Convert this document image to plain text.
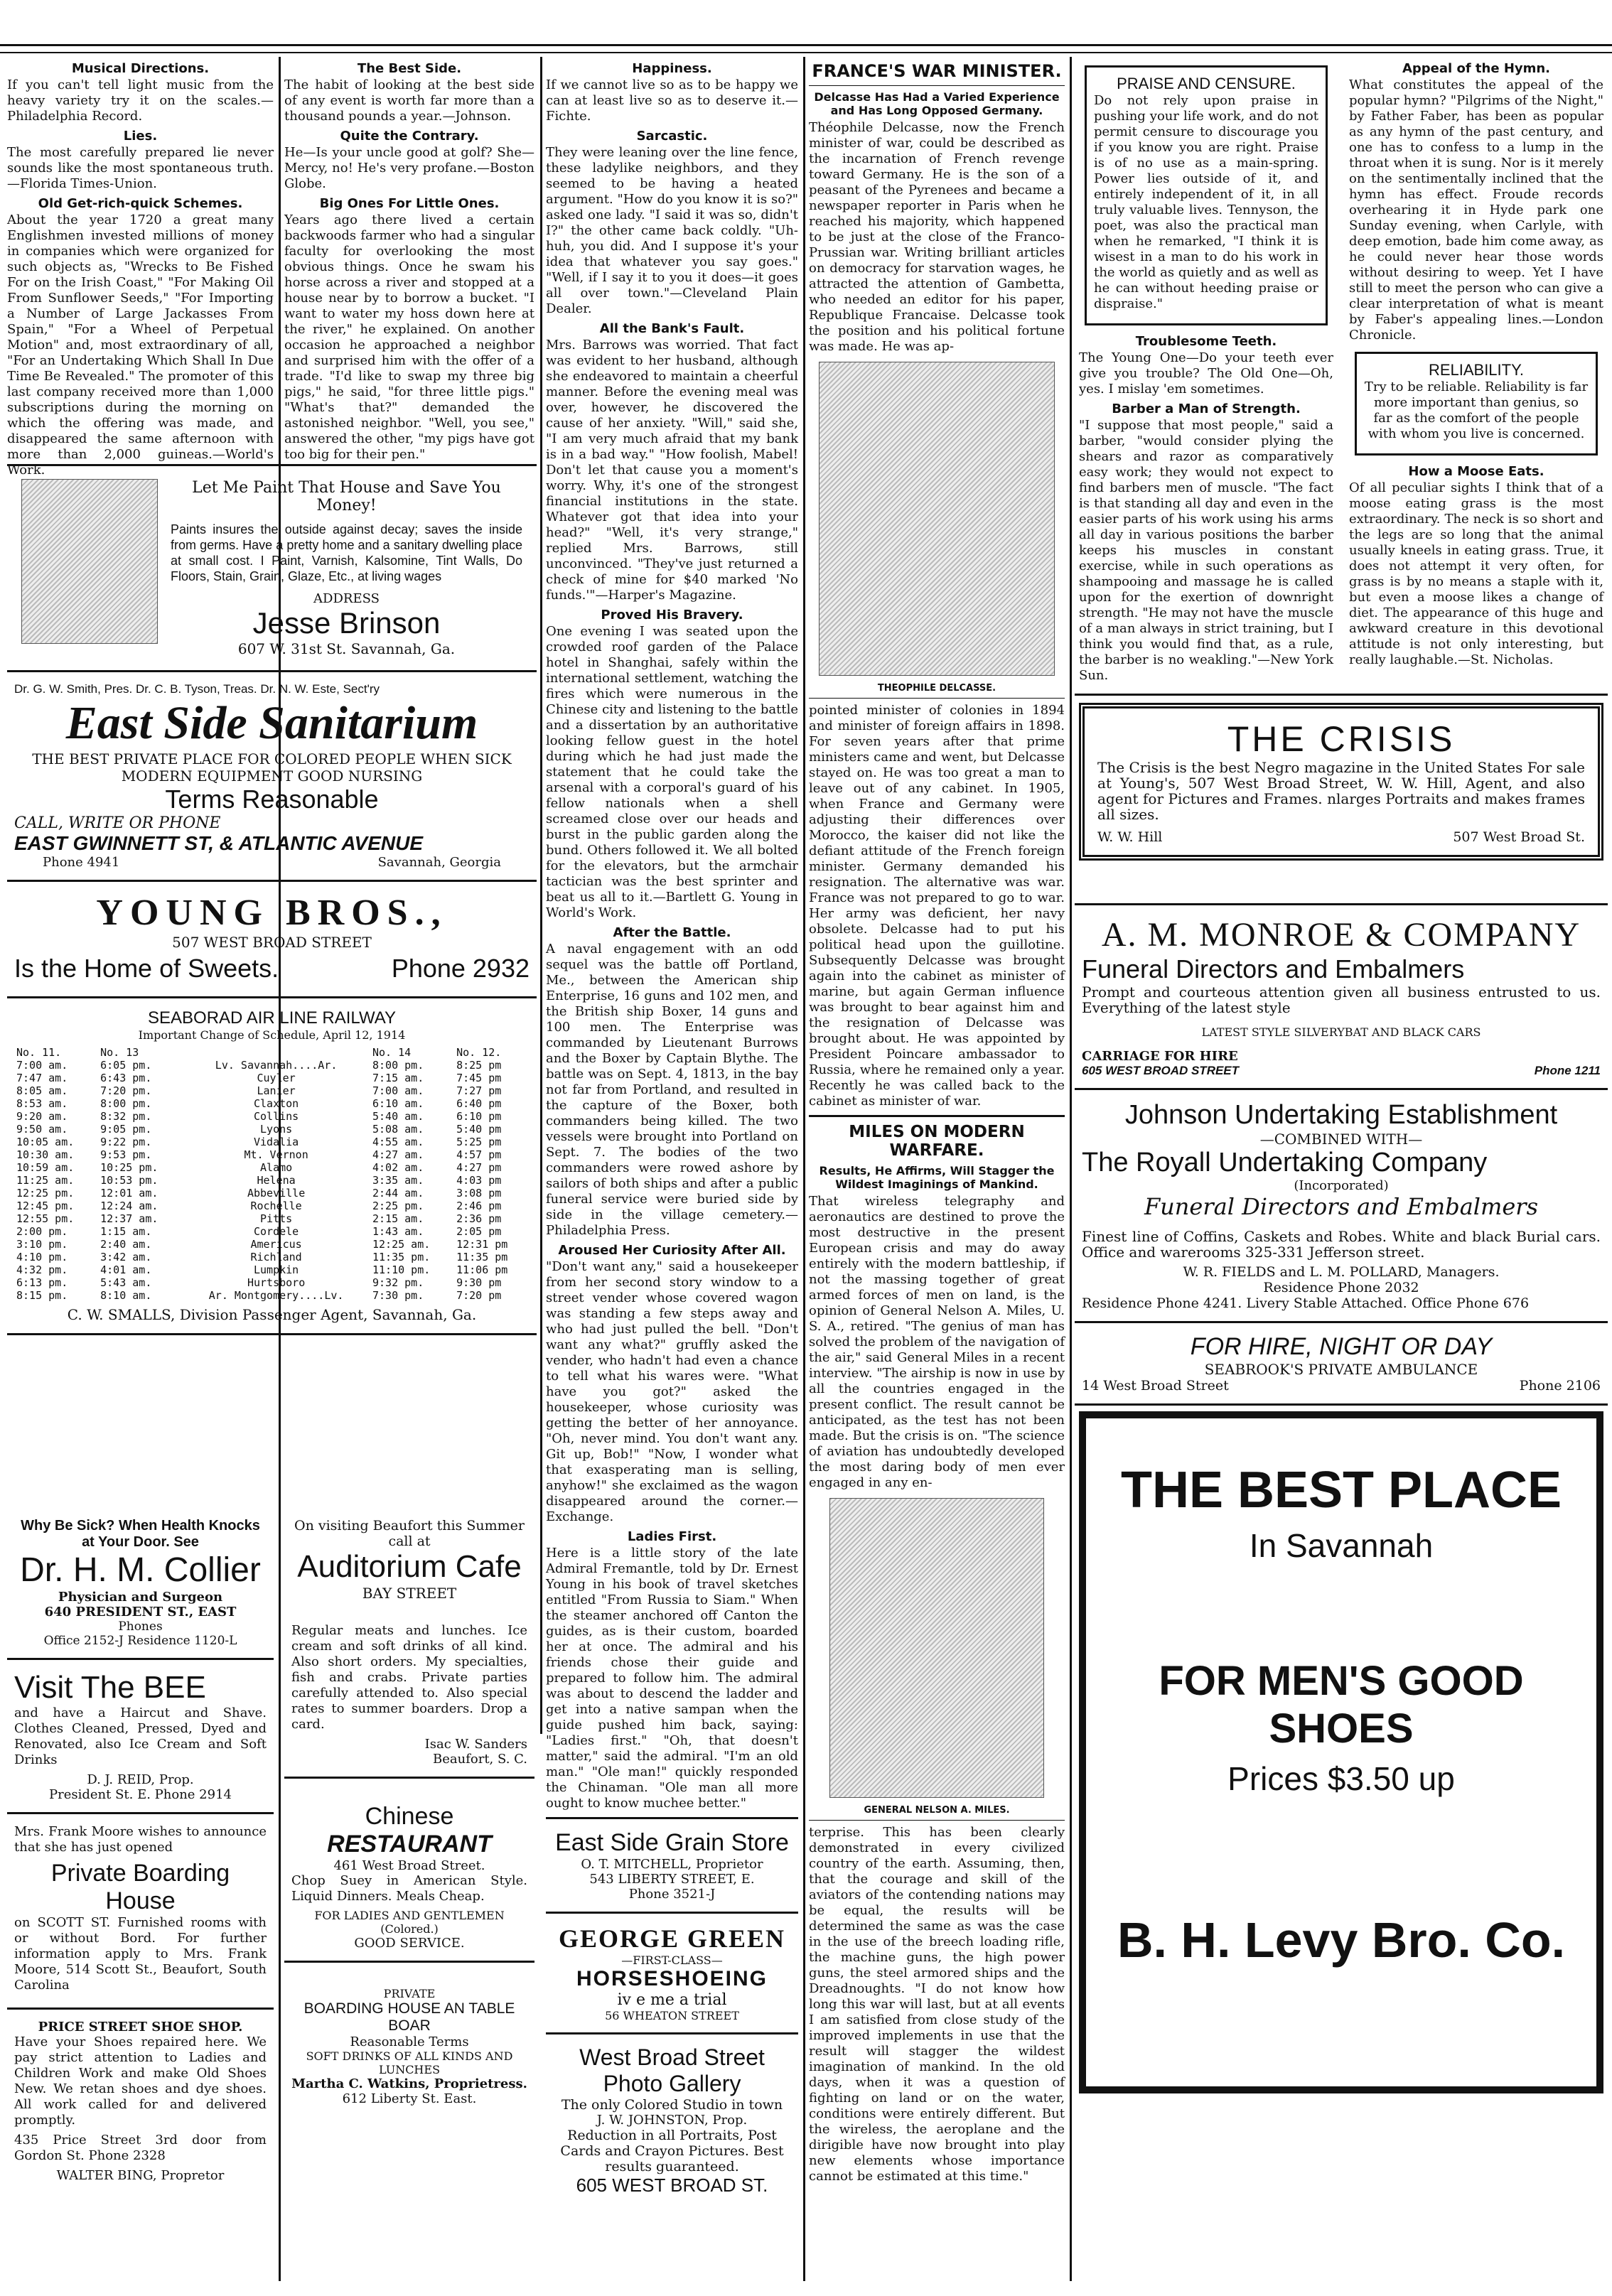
Musical Directions.

If you can't tell light music from the heavy variety try it on the scales.—Philadelphia Record.

Lies.

The most carefully prepared lie never sounds like the most spontaneous truth.—Florida Times-Union.

Old Get-rich-quick Schemes.

About the year 1720 a great many Englishmen invested millions of money in companies which were organized for such objects as, "Wrecks to Be Fished For on the Irish Coast," "For Making Oil From Sunflower Seeds," "For Importing a Number of Large Jackasses From Spain," "For a Wheel of Perpetual Motion" and, most extraordinary of all, "For an Undertaking Which Shall In Due Time Be Revealed." The promoter of this last company received more than 1,000 subscriptions during the morning on which the offering was made, and disappeared the same afternoon with more than 2,000 guineas.—World's Work.

The Best Side.

The habit of looking at the best side of any event is worth far more than a thousand pounds a year.—Johnson.

Quite the Contrary.

He—Is your uncle good at golf? She—Mercy, no! He's very profane.—Boston Globe.

Big Ones For Little Ones.

Years ago there lived a certain backwoods farmer who had a singular faculty for overlooking the most obvious things. Once he swam his horse across a river and stopped at a house near by to borrow a bucket. "I want to water my hoss down here at the river," he explained. On another occasion he approached a neighbor and surprised him with the offer of a trade. "I'd like to swap my three big pigs," he said, "for three little pigs." "What's that?" demanded the astonished neighbor. "Well, you see," answered the other, "my pigs have got too big for their pen."

Let Me Paint That House and Save You Money!

Paints insures the outside against decay; saves the inside from germs. Have a pretty home and a sanitary dwelling place at small cost. I Paint, Varnish, Kalsomine, Tint Walls, Do Floors, Stain, Grain, Glaze, Etc., at living wages

ADDRESS
Jesse Brinson
607 W. 31st St. Savannah, Ga.
Dr. G. W. Smith, Pres. Dr. C. B. Tyson, Treas. Dr. N. W. Este, Sect'ry
East Side Sanitarium
THE BEST PRIVATE PLACE FOR COLORED PEOPLE WHEN SICK
MODERN EQUIPMENT GOOD NURSING
Terms Reasonable
CALL, WRITE OR PHONE
EAST GWINNETT ST, & ATLANTIC AVENUE
Phone 4941	Savannah, Georgia
YOUNG BROS.,
507 WEST BROAD STREET
Is the Home of Sweets.	Phone 2932
SEABORAD AIR LINE RAILWAY
Important Change of Schedule, April 12, 1914
No. 11.	No. 13		No. 14	No. 12.
7:00 am.	6:05 pm.	Lv. Savannah....Ar.	8:00 pm.	8:25 pm
7:47 am.	6:43 pm.	Cuyler	7:15 am.	7:45 pm
8:05 am.	7:20 pm.	Lanier	7:00 am.	7:27 pm
8:53 am.	8:00 pm.	Claxton	6:10 am.	6:40 pm
9:20 am.	8:32 pm.	Collins	5:40 am.	6:10 pm
9:50 am.	9:05 pm.	Lyons	5:08 am.	5:40 pm
10:05 am.	9:22 pm.	Vidalia	4:55 am.	5:25 pm
10:30 am.	9:53 pm.	Mt. Vernon	4:27 am.	4:57 pm
10:59 am.	10:25 pm.	Alamo	4:02 am.	4:27 pm
11:25 am.	10:53 pm.	Helena	3:35 am.	4:03 pm
12:25 pm.	12:01 am.	Abbeville	2:44 am.	3:08 pm
12:45 pm.	12:24 am.	Rochelle	2:25 pm.	2:46 pm
12:55 pm.	12:37 am.	Pitts	2:15 am.	2:36 pm
2:00 pm.	1:15 am.	Cordele	1:43 am.	2:05 pm
3:10 pm.	2:40 am.	Americus	12:25 am.	12:31 pm
4:10 pm.	3:42 am.	Richland	11:35 pm.	11:35 pm
4:32 pm.	4:01 am.	Lumpkin	11:10 pm.	11:06 pm
6:13 pm.	5:43 am.	Hurtsboro	9:32 pm.	9:30 pm
8:15 pm.	8:10 am.	Ar. Montgomery....Lv.	7:30 pm.	7:20 pm
C. W. SMALLS, Division Passenger Agent, Savannah, Ga.
Why Be Sick? When Health Knocks at Your Door. See
Dr. H. M. Collier
Physician and Surgeon
640 PRESIDENT ST., EAST
Phones
Office 2152-J Residence 1120-L
Visit The BEE

and have a Haircut and Shave. Clothes Cleaned, Pressed, Dyed and Renovated, also Ice Cream and Soft Drinks

D. J. REID, Prop.
President St. E. Phone 2914

Mrs. Frank Moore wishes to announce that she has just opened

Private Boarding House

on SCOTT ST. Furnished rooms with or without Bord. For further information apply to Mrs. Frank Moore, 514 Scott St., Beaufort, South Carolina

PRICE STREET SHOE SHOP.

Have your Shoes repaired here. We pay strict attention to Ladies and Children Work and make Old Shoes New. We retan shoes and dye shoes. All work called for and delivered promptly.

435 Price Street 3rd door from Gordon St. Phone 2328

WALTER BING, Propretor
On visiting Beaufort this Summer call at
Auditorium Cafe
BAY STREET

Regular meats and lunches. Ice cream and soft drinks of all kind. Also short orders. My specialties, fish and crabs. Private parties carefully attended to. Also special rates to summer boarders. Drop a card.

Isac W. Sanders
Beaufort, S. C.
Chinese
RESTAURANT
461 West Broad Street.

Chop Suey in American Style. Liquid Dinners. Meals Cheap.

FOR LADIES AND GENTLEMEN
(Colored.)
GOOD SERVICE.
PRIVATE
BOARDING HOUSE AN TABLE BOAR
Reasonable Terms
SOFT DRINKS OF ALL KINDS AND LUNCHES
Martha C. Watkins, Proprietress.
612 Liberty St. East.
Happiness.

If we cannot live so as to be happy we can at least live so as to deserve it.—Fichte.

Sarcastic.

They were leaning over the line fence, these ladylike neighbors, and they seemed to be having a heated argument. "How do you know it is so?" asked one lady. "I said it was so, didn't I?" the other came back coldly. "Uh-huh, you did. And I suppose it's your idea that whatever you say goes." "Well, if I say it to you it does—it goes all over town."—Cleveland Plain Dealer.

All the Bank's Fault.

Mrs. Barrows was worried. That fact was evident to her husband, although she endeavored to maintain a cheerful manner. Before the evening meal was over, however, he discovered the cause of her anxiety. "Will," said she, "I am very much afraid that my bank is in a bad way." "How foolish, Mabel! Don't let that cause you a moment's worry. Why, it's one of the strongest financial institutions in the state. Whatever got that idea into your head?" "Well, it's very strange," replied Mrs. Barrows, still unconvinced. "They've just returned a check of mine for $40 marked 'No funds.'"—Harper's Magazine.

Proved His Bravery.

One evening I was seated upon the crowded roof garden of the Palace hotel in Shanghai, safely within the international settlement, watching the fires which were numerous in the Chinese city and listening to the battle and a dissertation by an authoritative looking fellow guest in the hotel during which he had just made the statement that he could take the arsenal with a corporal's guard of his fellow nationals when a shell screamed close over our heads and burst in the public garden along the bund. Others followed it. We all bolted for the elevators, but the armchair tactician was the best sprinter and beat us all to it.—Bartlett G. Young in World's Work.

After the Battle.

A naval engagement with an odd sequel was the battle off Portland, Me., between the American ship Enterprise, 16 guns and 102 men, and the British ship Boxer, 14 guns and 100 men. The Enterprise was commanded by Lieutenant Burrows and the Boxer by Captain Blythe. The battle was on Sept. 4, 1813, in the bay not far from Portland, and resulted in the capture of the Boxer, both commanders being killed. The two vessels were brought into Portland on Sept. 7. The bodies of the two commanders were rowed ashore by sailors of both ships and after a public funeral service were buried side by side in the village cemetery.—Philadelphia Press.

Aroused Her Curiosity After All.

"Don't want any," said a housekeeper from her second story window to a street vender whose covered wagon was standing a few steps away and who had just pulled the bell. "Don't want any what?" gruffly asked the vender, who hadn't had even a chance to tell what his wares were. "What have you got?" asked the housekeeper, whose curiosity was getting the better of her annoyance. "Oh, never mind. You don't want any. Git up, Bob!" "Now, I wonder what that exasperating man is selling, anyhow!" she exclaimed as the wagon disappeared around the corner.—Exchange.

Ladies First.

Here is a little story of the late Admiral Fremantle, told by Dr. Ernest Young in his book of travel sketches entitled "From Russia to Siam." When the steamer anchored off Canton the guides, as is their custom, boarded her at once. The admiral and his friends chose their guide and prepared to follow him. The admiral was about to descend the ladder and get into a native sampan when the guide pushed him back, saying: "Ladies first." "Oh, that doesn't matter," said the admiral. "I'm an old man." "Ole man!" quickly responded the Chinaman. "Ole man all more ought to know muchee better."

East Side Grain Store
O. T. MITCHELL, Proprietor
543 LIBERTY STREET, E.
Phone 3521-J
GEORGE GREEN
—FIRST-CLASS—
HORSESHOEING
iv e me a trial
56 WHEATON STREET
West Broad Street Photo Gallery
The only Colored Studio in town
J. W. JOHNSTON, Prop.
Reduction in all Portraits, Post Cards and Crayon Pictures. Best results guaranteed.
605 WEST BROAD ST.
FRANCE'S WAR MINISTER.
Delcasse Has Had a Varied Experience and Has Long Opposed Germany.

Théophile Delcasse, now the French minister of war, could be described as the incarnation of French revenge toward Germany. He is the son of a peasant of the Pyrenees and became a newspaper reporter in Paris when he reached his majority, which happened to be just at the close of the Franco-Prussian war. Writing brilliant articles on democracy for starvation wages, he attracted the attention of Gambetta, who needed an editor for his paper, Republique Francaise. Delcasse took the position and his political fortune was made. He was ap-

THEOPHILE DELCASSE.

pointed minister of colonies in 1894 and minister of foreign affairs in 1898. For seven years after that prime ministers came and went, but Delcasse stayed on. He was too great a man to leave out of any cabinet. In 1905, when France and Germany were adjusting their differences over Morocco, the kaiser did not like the defiant attitude of the French foreign minister. Germany demanded his resignation. The alternative was war. France was not prepared to go to war. Her army was deficient, her navy obsolete. Delcasse had to put his political head upon the guillotine. Subsequently Delcasse was brought again into the cabinet as minister of marine, but again German influence was brought to bear against him and the resignation of Delcasse was brought about. He was appointed by President Poincare ambassador to Russia, where he remained only a year. Recently he was called back to the cabinet as minister of war.

MILES ON MODERN WARFARE.
Results, He Affirms, Will Stagger the Wildest Imaginings of Mankind.

That wireless telegraphy and aeronautics are destined to prove the most destructive in the present European crisis and may do away entirely with the modern battleship, if not the massing together of great armed forces of men on land, is the opinion of General Nelson A. Miles, U. S. A., retired. "The genius of man has solved the problem of the navigation of the air," said General Miles in a recent interview. "The airship is now in use by all the countries engaged in the present conflict. The result cannot be anticipated, as the test has not been made. But the crisis is on. "The science of aviation has undoubtedly developed the most daring body of men ever engaged in any en-

GENERAL NELSON A. MILES.

terprise. This has been clearly demonstrated in every civilized country of the earth. Assuming, then, that the courage and skill of the aviators of the contending nations may be equal, the results will be determined the same as was the case in the use of the breech loading rifle, the machine guns, the high power guns, the steel armored ships and the Dreadnoughts. "I do not know how long this war will last, but at all events I am satisfied from close study of the improved implements in use that the result will stagger the wildest imagination of mankind. In the old days, when it was a question of fighting on land or on the water, conditions were entirely different. But the wireless, the aeroplane and the dirigible have now brought into play new elements whose importance cannot be estimated at this time."

PRAISE AND CENSURE.

Do not rely upon praise in pushing your life work, and do not permit censure to discourage you if you know you are right. Praise is of no use as a main-spring. Power lies outside of it, and entirely independent of it, in all truly valuable lives. Tennyson, the poet, was also the practical man when he remarked, "I think it is wisest in a man to do his work in the world as quietly and as well as he can without heeding praise or dispraise."

Troublesome Teeth.

The Young One—Do your teeth ever give you trouble? The Old One—Oh, yes. I mislay 'em sometimes.

Barber a Man of Strength.

"I suppose that most people," said a barber, "would consider plying the shears and razor as comparatively easy work; they would not expect to find barbers men of muscle. "The fact is that standing all day and even in the easier parts of his work using his arms all day in various positions the barber keeps his muscles in constant exercise, while in such operations as shampooing and massage he is called upon for the exertion of downright strength. "He may not have the muscle of a man always in strict training, but I think you would find that, as a rule, the barber is no weakling."—New York Sun.

Appeal of the Hymn.

What constitutes the appeal of the popular hymn? "Pilgrims of the Night," by Father Faber, has been as popular as any hymn of the past century, and one has to confess to a lump in the throat when it is sung. Nor is it merely on the sentimentally inclined that the hymn has effect. Froude records overhearing it in Hyde park one Sunday evening, when Carlyle, with deep emotion, bade him come away, as he could never hear those words without desiring to weep. Yet I have still to meet the person who can give a clear interpretation of what is meant by Faber's appealing lines.—London Chronicle.

RELIABILITY.

Try to be reliable. Reliability is far more important than genius, so far as the comfort of the people with whom you live is concerned.

How a Moose Eats.

Of all peculiar sights I think that of a moose eating grass is the most extraordinary. The neck is so short and the legs are so long that the animal usually kneels in eating grass. True, it does not attempt it very often, for grass is by no means a staple with it, but even a moose likes a change of diet. The appearance of this huge and awkward creature in this devotional attitude is not only interesting, but really laughable.—St. Nicholas.

THE CRISIS

The Crisis is the best Negro magazine in the United States For sale at Young's, 507 West Broad Street, W. W. Hill, Agent, and also agent for Pictures and Frames. nlarges Portraits and makes frames all sizes.

W. W. Hill	507 West Broad St.
A. M. MONROE & COMPANY
Funeral Directors and Embalmers

Prompt and courteous attention given all business entrusted to us. Everything of the latest style

LATEST STYLE SILVERYBAT AND BLACK CARS
CARRIAGE FOR HIRE
605 WEST BROAD STREET	Phone 1211
Johnson Undertaking Establishment
—COMBINED WITH—
The Royall Undertaking Company
(Incorporated)
Funeral Directors and Embalmers

Finest line of Coffins, Caskets and Robes. White and black Burial cars. Office and warerooms 325-331 Jefferson street.

W. R. FIELDS and L. M. POLLARD, Managers.
Residence Phone 2032
Residence Phone 4241. Livery Stable Attached. Office Phone 676
FOR HIRE, NIGHT OR DAY
SEABROOK'S PRIVATE AMBULANCE
14 West Broad Street	Phone 2106
THE BEST PLACE
In Savannah
FOR MEN'S GOOD SHOES
Prices $3.50 up
B. H. Levy Bro. Co.
